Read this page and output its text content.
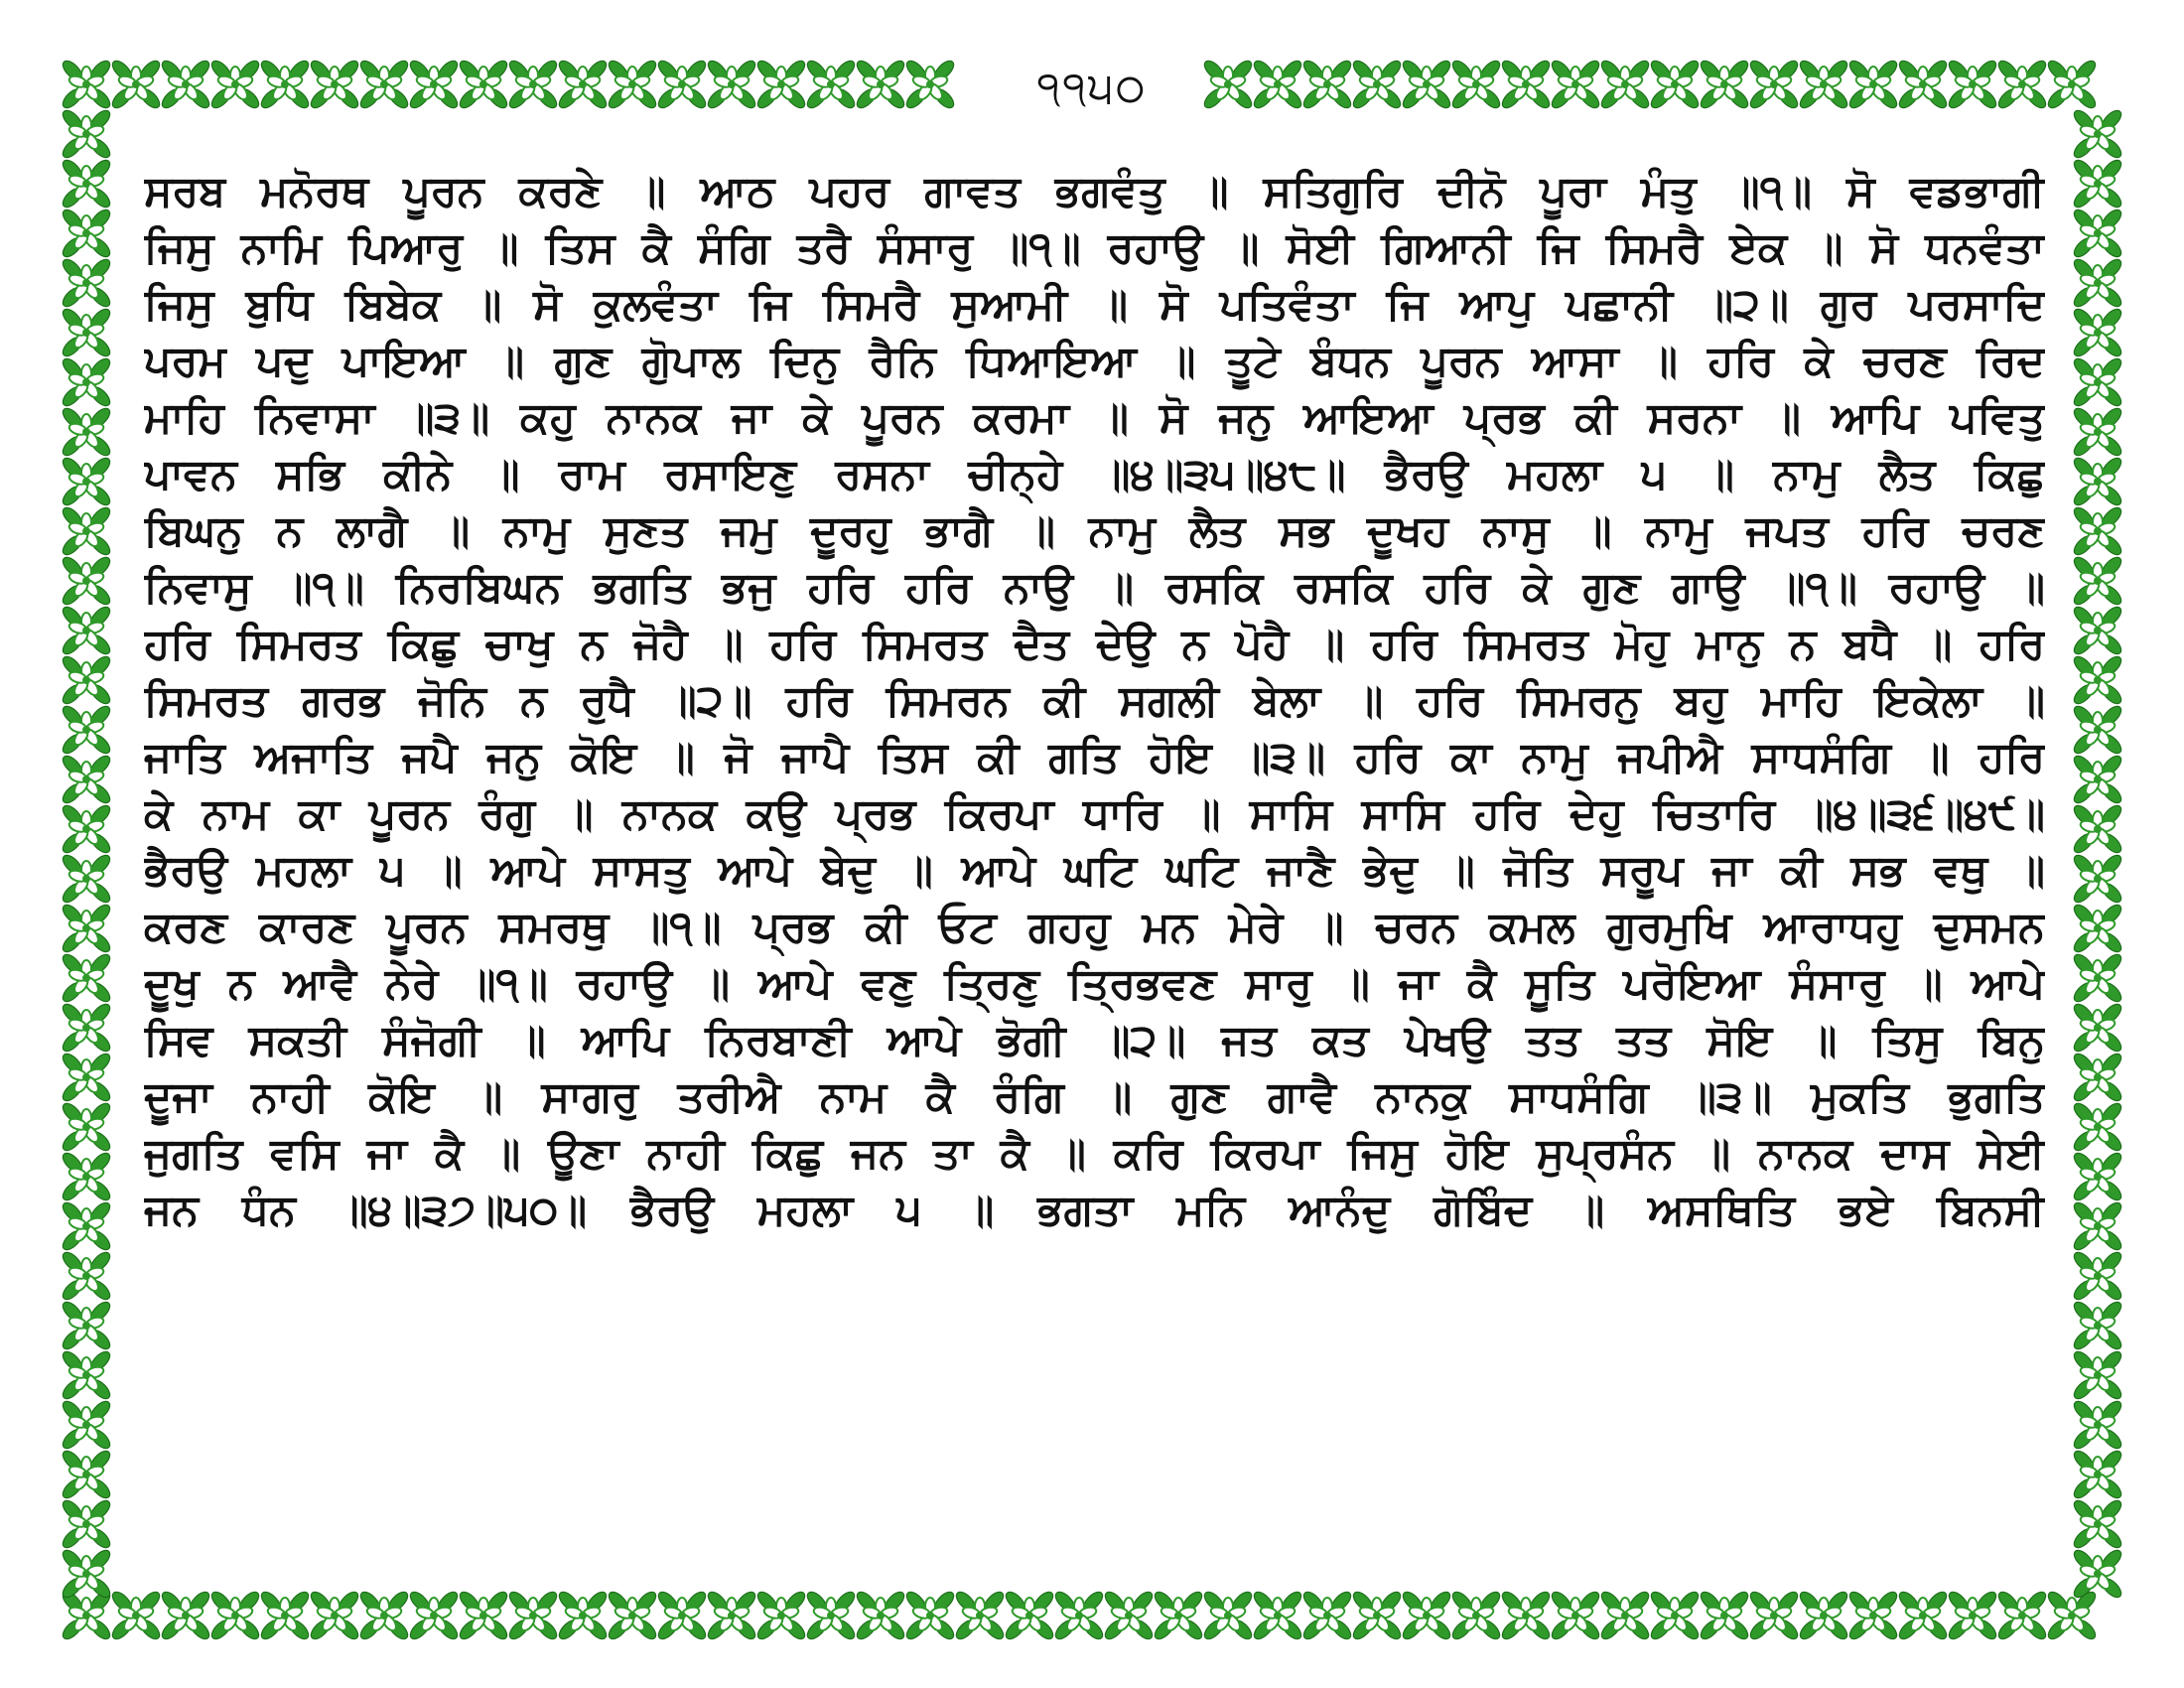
੧੧੫੦
ਸਰਬ ਮਨੋਰਥ ਪੂਰਨ ਕਰਣੇ ॥ ਆਠ ਪਹਰ ਗਾਵਤ ਭਗਵੰਤੁ ॥ ਸਤਿਗੁਰਿ ਦੀਨੋ ਪੂਰਾ ਮੰਤੁ ॥੧॥ ਸੋ ਵਡਭਾਗੀ
ਜਿਸੁ ਨਾਮਿ ਪਿਆਰੁ ॥ ਤਿਸ ਕੈ ਸੰਗਿ ਤਰੈ ਸੰਸਾਰੁ ॥੧॥ ਰਹਾਉ ॥ ਸੋਈ ਗਿਆਨੀ ਜਿ ਸਿਮਰੈ ਏਕ ॥ ਸੋ ਧਨਵੰਤਾ
ਜਿਸੁ ਬੁਧਿ ਬਿਬੇਕ ॥ ਸੋ ਕੁਲਵੰਤਾ ਜਿ ਸਿਮਰੈ ਸੁਆਮੀ ॥ ਸੋ ਪਤਿਵੰਤਾ ਜਿ ਆਪੁ ਪਛਾਨੀ ॥੨॥ ਗੁਰ ਪਰਸਾਦਿ
ਪਰਮ ਪਦੁ ਪਾਇਆ ॥ ਗੁਣ ਗੋੁਪਾਲ ਦਿਨੁ ਰੈਨਿ ਧਿਆਇਆ ॥ ਤੂਟੇ ਬੰਧਨ ਪੂਰਨ ਆਸਾ ॥ ਹਰਿ ਕੇ ਚਰਣ ਰਿਦ
ਮਾਹਿ ਨਿਵਾਸਾ ॥੩॥ ਕਹੁ ਨਾਨਕ ਜਾ ਕੇ ਪੂਰਨ ਕਰਮਾ ॥ ਸੋ ਜਨੁ ਆਇਆ ਪ੍ਰਭ ਕੀ ਸਰਨਾ ॥ ਆਪਿ ਪਵਿਤੁ
ਪਾਵਨ ਸਭਿ ਕੀਨੇ ॥ ਰਾਮ ਰਸਾਇਣੁ ਰਸਨਾ ਚੀਨ੍ਹੇ ॥੪॥੩੫॥੪੮॥ ਭੈਰਉ ਮਹਲਾ ੫ ॥ ਨਾਮੁ ਲੈਤ ਕਿਛੁ
ਬਿਘਨੁ ਨ ਲਾਗੈ ॥ ਨਾਮੁ ਸੁਣਤ ਜਮੁ ਦੂਰਹੁ ਭਾਗੈ ॥ ਨਾਮੁ ਲੈਤ ਸਭ ਦੂਖਹ ਨਾਸੁ ॥ ਨਾਮੁ ਜਪਤ ਹਰਿ ਚਰਣ
ਨਿਵਾਸੁ ॥੧॥ ਨਿਰਬਿਘਨ ਭਗਤਿ ਭਜੁ ਹਰਿ ਹਰਿ ਨਾਉ ॥ ਰਸਕਿ ਰਸਕਿ ਹਰਿ ਕੇ ਗੁਣ ਗਾਉ ॥੧॥ ਰਹਾਉ ॥
ਹਰਿ ਸਿਮਰਤ ਕਿਛੁ ਚਾਖੁ ਨ ਜੋਹੈ ॥ ਹਰਿ ਸਿਮਰਤ ਦੈਤ ਦੇਉ ਨ ਪੋਹੈ ॥ ਹਰਿ ਸਿਮਰਤ ਮੋਹੁ ਮਾਨੁ ਨ ਬਧੈ ॥ ਹਰਿ
ਸਿਮਰਤ ਗਰਭ ਜੋਨਿ ਨ ਰੁਧੈ ॥੨॥ ਹਰਿ ਸਿਮਰਨ ਕੀ ਸਗਲੀ ਬੇਲਾ ॥ ਹਰਿ ਸਿਮਰਨੁ ਬਹੁ ਮਾਹਿ ਇਕੇਲਾ ॥
ਜਾਤਿ ਅਜਾਤਿ ਜਪੈ ਜਨੁ ਕੋਇ ॥ ਜੋ ਜਾਪੈ ਤਿਸ ਕੀ ਗਤਿ ਹੋਇ ॥੩॥ ਹਰਿ ਕਾ ਨਾਮੁ ਜਪੀਐ ਸਾਧਸੰਗਿ ॥ ਹਰਿ
ਕੇ ਨਾਮ ਕਾ ਪੂਰਨ ਰੰਗੁ ॥ ਨਾਨਕ ਕਉ ਪ੍ਰਭ ਕਿਰਪਾ ਧਾਰਿ ॥ ਸਾਸਿ ਸਾਸਿ ਹਰਿ ਦੇਹੁ ਚਿਤਾਰਿ ॥੪॥੩੬॥੪੯॥
ਭੈਰਉ ਮਹਲਾ ੫ ॥ ਆਪੇ ਸਾਸਤੁ ਆਪੇ ਬੇਦੁ ॥ ਆਪੇ ਘਟਿ ਘਟਿ ਜਾਣੈ ਭੇਦੁ ॥ ਜੋਤਿ ਸਰੂਪ ਜਾ ਕੀ ਸਭ ਵਥੁ ॥
ਕਰਣ ਕਾਰਣ ਪੂਰਨ ਸਮਰਥੁ ॥੧॥ ਪ੍ਰਭ ਕੀ ਓਟ ਗਹਹੁ ਮਨ ਮੇਰੇ ॥ ਚਰਨ ਕਮਲ ਗੁਰਮੁਖਿ ਆਰਾਧਹੁ ਦੁਸਮਨ
ਦੂਖੁ ਨ ਆਵੈ ਨੇਰੇ ॥੧॥ ਰਹਾਉ ॥ ਆਪੇ ਵਣੁ ਤ੍ਰਿਣੁ ਤ੍ਰਿਭਵਣ ਸਾਰੁ ॥ ਜਾ ਕੈ ਸੂਤਿ ਪਰੋਇਆ ਸੰਸਾਰੁ ॥ ਆਪੇ
ਸਿਵ ਸਕਤੀ ਸੰਜੋਗੀ ॥ ਆਪਿ ਨਿਰਬਾਣੀ ਆਪੇ ਭੋਗੀ ॥੨॥ ਜਤ ਕਤ ਪੇਖਉ ਤਤ ਤਤ ਸੋਇ ॥ ਤਿਸੁ ਬਿਨੁ
ਦੂਜਾ ਨਾਹੀ ਕੋਇ ॥ ਸਾਗਰੁ ਤਰੀਐ ਨਾਮ ਕੈ ਰੰਗਿ ॥ ਗੁਣ ਗਾਵੈ ਨਾਨਕੁ ਸਾਧਸੰਗਿ ॥੩॥ ਮੁਕਤਿ ਭੁਗਤਿ
ਜੁਗਤਿ ਵਸਿ ਜਾ ਕੈ ॥ ਊਣਾ ਨਾਹੀ ਕਿਛੁ ਜਨ ਤਾ ਕੈ ॥ ਕਰਿ ਕਿਰਪਾ ਜਿਸੁ ਹੋਇ ਸੁਪ੍ਰਸੰਨ ॥ ਨਾਨਕ ਦਾਸ ਸੇਈ
ਜਨ ਧੰਨ ॥੪॥੩੭॥੫੦॥ ਭੈਰਉ ਮਹਲਾ ੫ ॥ ਭਗਤਾ ਮਨਿ ਆਨੰਦੁ ਗੋਬਿੰਦ ॥ ਅਸਥਿਤਿ ਭਏ ਬਿਨਸੀ
